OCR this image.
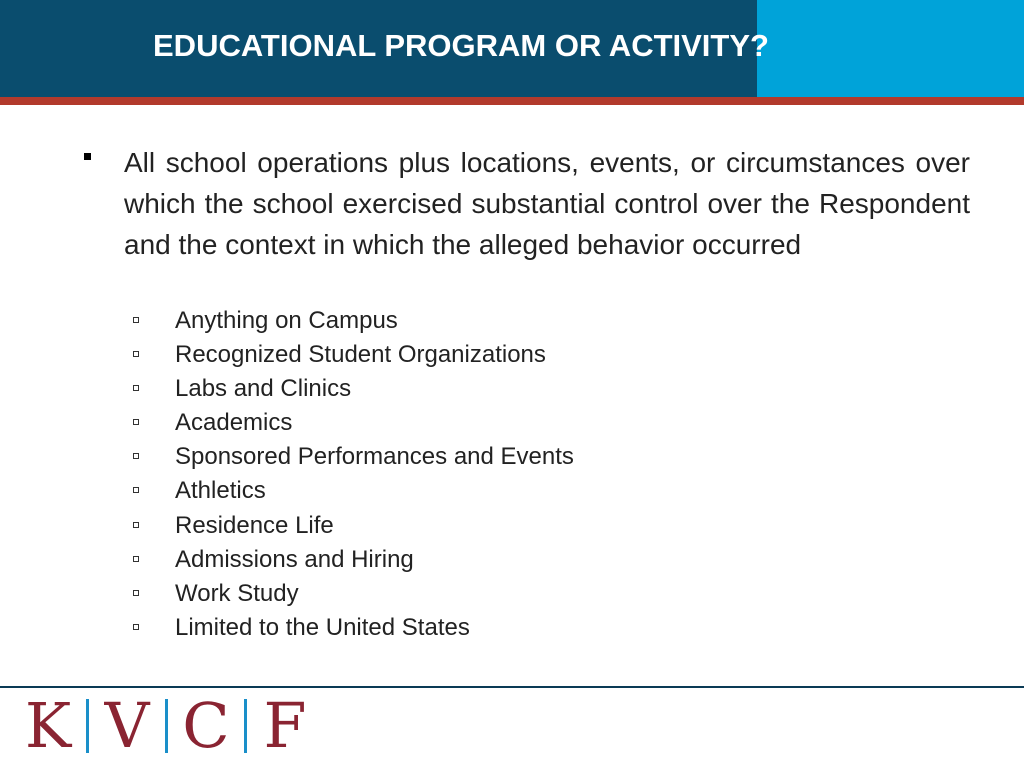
EDUCATIONAL PROGRAM OR ACTIVITY?
All school operations plus locations, events, or circumstances over which the school exercised substantial control over the Respondent and the context in which the alleged behavior occurred
Anything on Campus
Recognized Student Organizations
Labs and Clinics
Academics
Sponsored Performances and Events
Athletics
Residence Life
Admissions and Hiring
Work Study
Limited to the United States
K V C F
